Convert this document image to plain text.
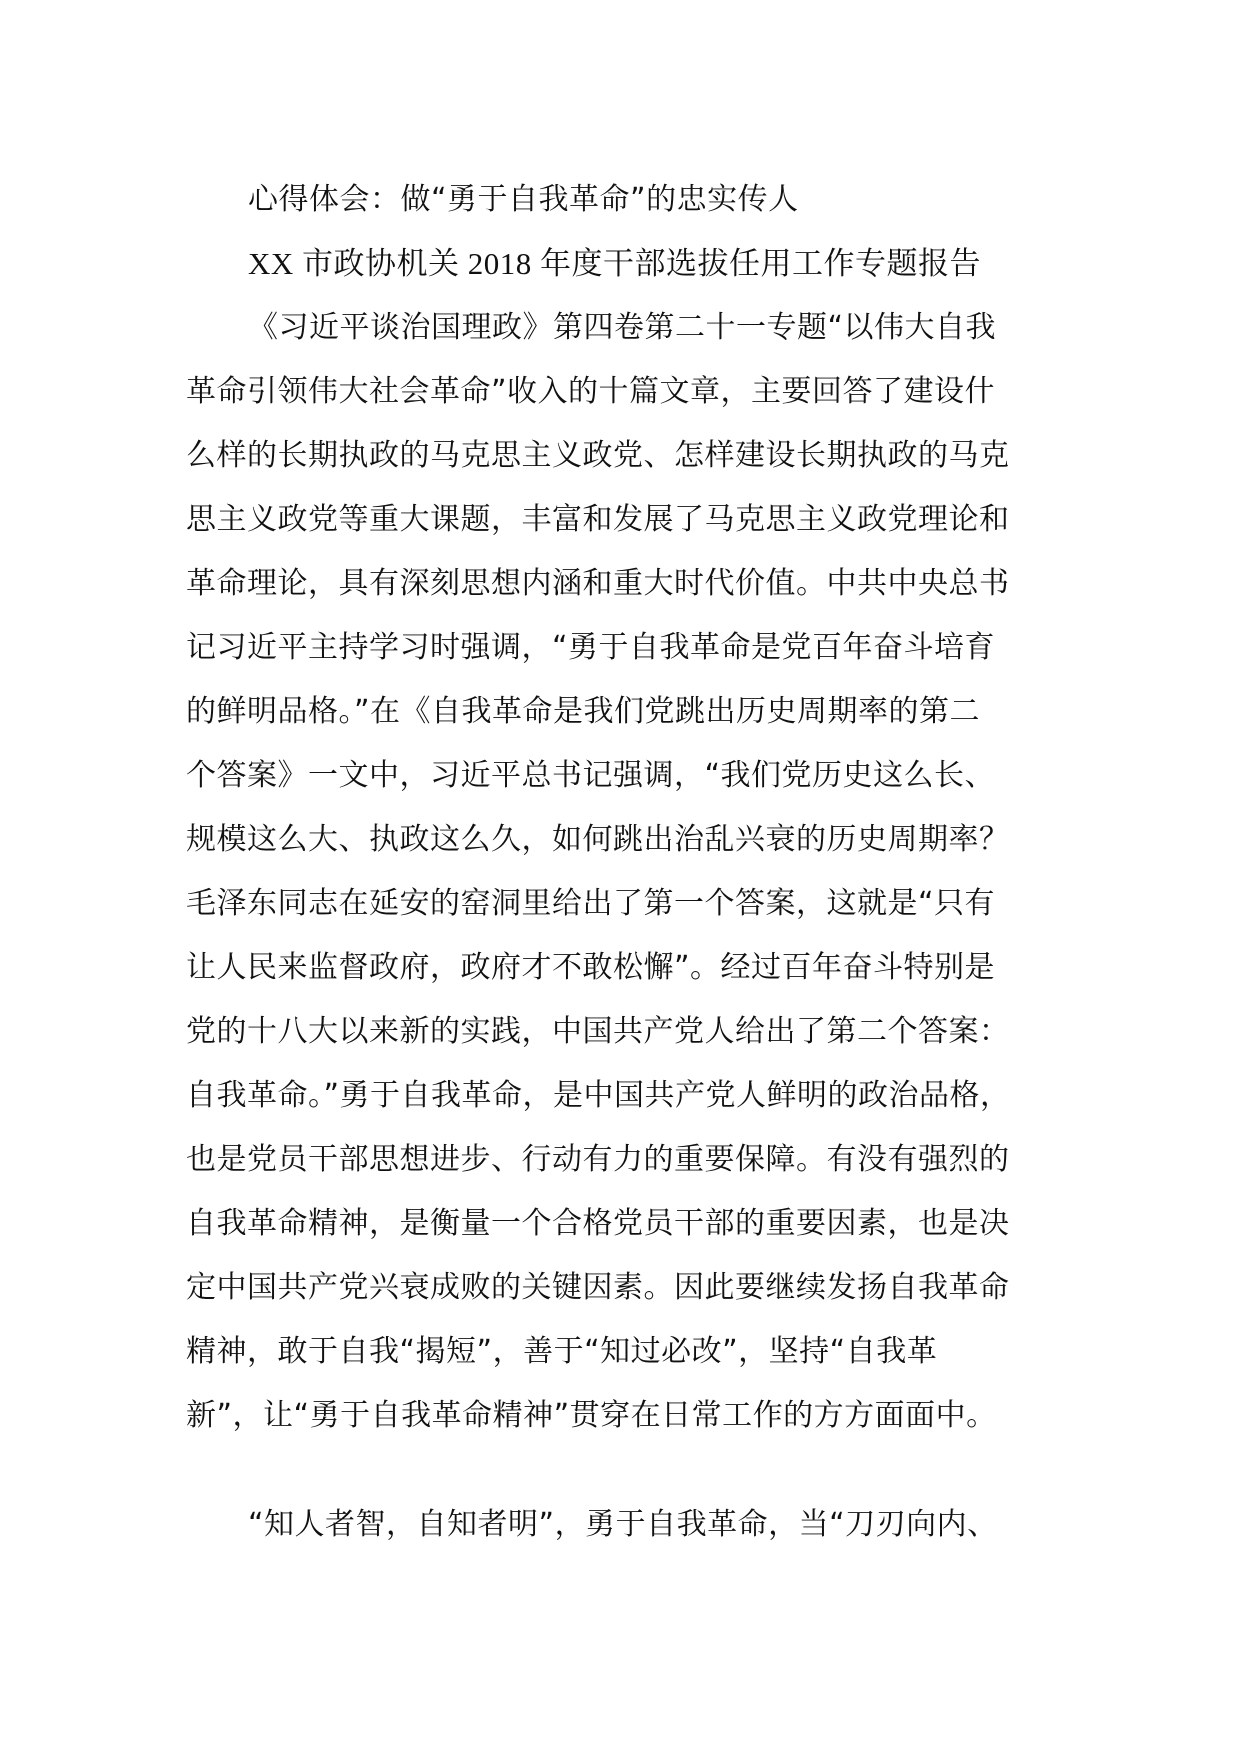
心得体会：做“勇于自我革命”的忠实传人
XX 市政协机关 2018 年度干部选拔任用工作专题报告
《习近平谈治国理政》第四卷第二十一专题“以伟大自我
革命引领伟大社会革命”收入的十篇文章，主要回答了建设什
么样的长期执政的马克思主义政党、怎样建设长期执政的马克
思主义政党等重大课题，丰富和发展了马克思主义政党理论和
革命理论，具有深刻思想内涵和重大时代价值。中共中央总书
记习近平主持学习时强调，“勇于自我革命是党百年奋斗培育
的鲜明品格。”在《自我革命是我们党跳出历史周期率的第二
个答案》一文中，习近平总书记强调，“我们党历史这么长、
规模这么大、执政这么久，如何跳出治乱兴衰的历史周期率？
毛泽东同志在延安的窑洞里给出了第一个答案，这就是“只有
让人民来监督政府，政府才不敢松懈”。经过百年奋斗特别是
党的十八大以来新的实践，中国共产党人给出了第二个答案：
自我革命。”勇于自我革命，是中国共产党人鲜明的政治品格，
也是党员干部思想进步、行动有力的重要保障。有没有强烈的
自我革命精神，是衡量一个合格党员干部的重要因素，也是决
定中国共产党兴衰成败的关键因素。因此要继续发扬自我革命
精神，敢于自我“揭短”，善于“知过必改”，坚持“自我革
新”，让“勇于自我革命精神”贯穿在日常工作的方方面面中。
“知人者智，自知者明”，勇于自我革命，当“刀刃向内、
